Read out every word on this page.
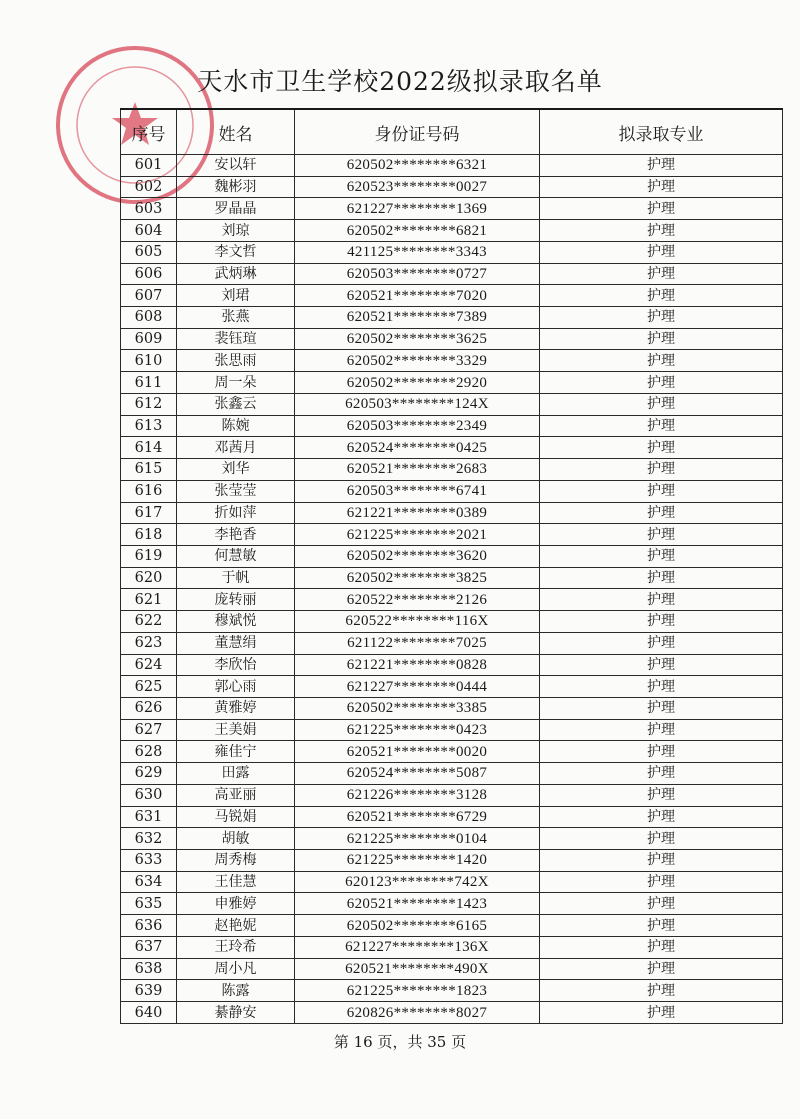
天水市卫生学校2022级拟录取名单
序号	姓名	身份证号码	拟录取专业
601	安以轩	620502********6321	护理
602	魏彬羽	620523********0027	护理
603	罗晶晶	621227********1369	护理
604	刘琼	620502********6821	护理
605	李文哲	421125********3343	护理
606	武炳琳	620503********0727	护理
607	刘珺	620521********7020	护理
608	张燕	620521********7389	护理
609	裴钰瑄	620502********3625	护理
610	张思雨	620502********3329	护理
611	周一朵	620502********2920	护理
612	张鑫云	620503********124X	护理
613	陈婉	620503********2349	护理
614	邓茜月	620524********0425	护理
615	刘华	620521********2683	护理
616	张莹莹	620503********6741	护理
617	折如萍	621221********0389	护理
618	李艳香	621225********2021	护理
619	何慧敏	620502********3620	护理
620	于帆	620502********3825	护理
621	庞转丽	620522********2126	护理
622	穆斌悦	620522********116X	护理
623	董慧绢	621122********7025	护理
624	李欣怡	621221********0828	护理
625	郭心雨	621227********0444	护理
626	黄雅婷	620502********3385	护理
627	王美娟	621225********0423	护理
628	雍佳宁	620521********0020	护理
629	田露	620524********5087	护理
630	高亚丽	621226********3128	护理
631	马锐娟	620521********6729	护理
632	胡敏	621225********0104	护理
633	周秀梅	621225********1420	护理
634	王佳慧	620123********742X	护理
635	申雅婷	620521********1423	护理
636	赵艳妮	620502********6165	护理
637	王玲希	621227********136X	护理
638	周小凡	620521********490X	护理
639	陈露	621225********1823	护理
640	綦静安	620826********8027	护理
第 16 页，共 35 页
